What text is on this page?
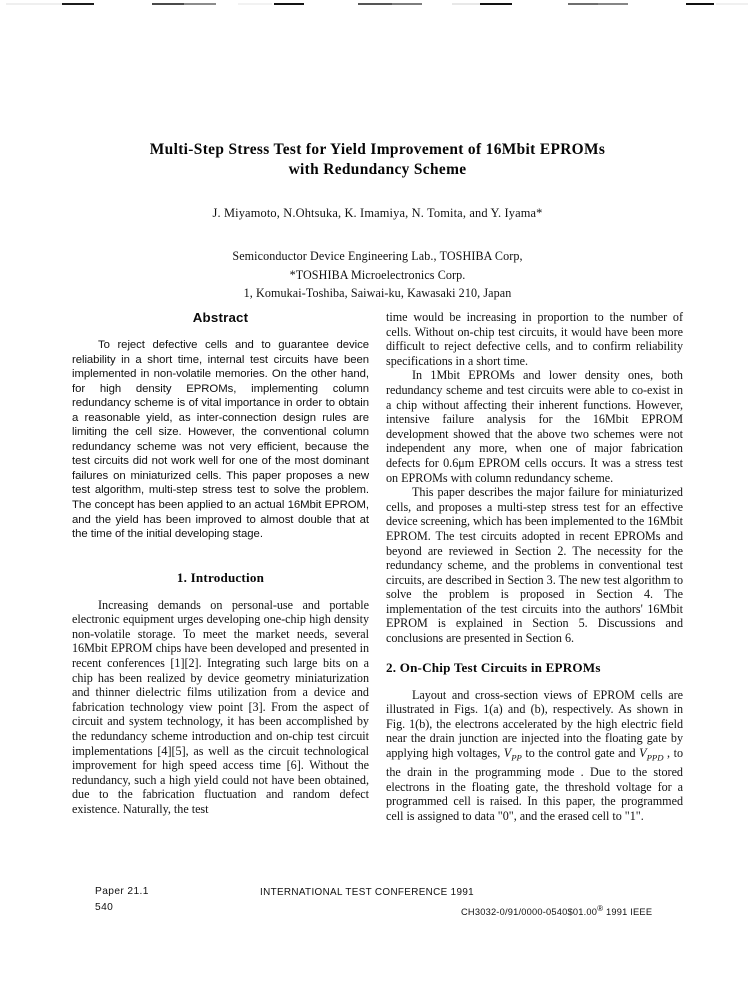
Multi-Step Stress Test for Yield Improvement of 16Mbit EPROMs
with Redundancy Scheme
J. Miyamoto, N.Ohtsuka, K. Imamiya, N. Tomita, and Y. Iyama*
Semiconductor Device Engineering Lab., TOSHIBA Corp,
*TOSHIBA Microelectronics Corp.
1, Komukai-Toshiba, Saiwai-ku, Kawasaki 210, Japan
Abstract

To reject defective cells and to guarantee device reliability in a short time, internal test circuits have been implemented in non-volatile memories. On the other hand, for high density EPROMs, implementing column redundancy scheme is of vital importance in order to obtain a reasonable yield, as inter-connection design rules are limiting the cell size. However, the conventional column redundancy scheme was not very efficient, because the test circuits did not work well for one of the most dominant failures on miniaturized cells. This paper proposes a new test algorithm, multi-step stress test to solve the problem. The concept has been applied to an actual 16Mbit EPROM, and the yield has been improved to almost double that at the time of the initial developing stage.

1. Introduction

Increasing demands on personal-use and portable electronic equipment urges developing one-chip high density non-volatile storage. To meet the market needs, several 16Mbit EPROM chips have been developed and presented in recent conferences [1][2]. Integrating such large bits on a chip has been realized by device geometry miniaturization and thinner dielectric films utilization from a device and fabrication technology view point [3]. From the aspect of circuit and system technology, it has been accomplished by the redundancy scheme introduction and on-chip test circuit implementations [4][5], as well as the circuit technological improvement for high speed access time [6]. Without the redundancy, such a high yield could not have been obtained, due to the fabrication fluctuation and random defect existence. Naturally, the test

time would be increasing in proportion to the number of cells. Without on-chip test circuits, it would have been more difficult to reject defective cells, and to confirm reliability specifications in a short time.

In 1Mbit EPROMs and lower density ones, both redundancy scheme and test circuits were able to co-exist in a chip without affecting their inherent functions. However, intensive failure analysis for the 16Mbit EPROM development showed that the above two schemes were not independent any more, when one of major fabrication defects for 0.6μm EPROM cells occurs. It was a stress test on EPROMs with column redundancy scheme.

This paper describes the major failure for miniaturized cells, and proposes a multi-step stress test for an effective device screening, which has been implemented to the 16Mbit EPROM. The test circuits adopted in recent EPROMs and beyond are reviewed in Section 2. The necessity for the redundancy scheme, and the problems in conventional test circuits, are described in Section 3. The new test algorithm to solve the problem is proposed in Section 4. The implementation of the test circuits into the authors' 16Mbit EPROM is explained in Section 5. Discussions and conclusions are presented in Section 6.

2. On-Chip Test Circuits in EPROMs

Layout and cross-section views of EPROM cells are illustrated in Figs. 1(a) and (b), respectively. As shown in Fig. 1(b), the electrons accelerated by the high electric field near the drain junction are injected into the floating gate by applying high voltages, $V_{PP}$ to the control gate and $V_{PPD}$ , to the drain in the programming mode . Due to the stored electrons in the floating gate, the threshold voltage for a programmed cell is raised. In this paper, the programmed cell is assigned to data "0", and the erased cell to "1".

Paper 21.1
540
INTERNATIONAL TEST CONFERENCE 1991
CH3032-0/91/0000-0540$01.00® 1991 IEEE
